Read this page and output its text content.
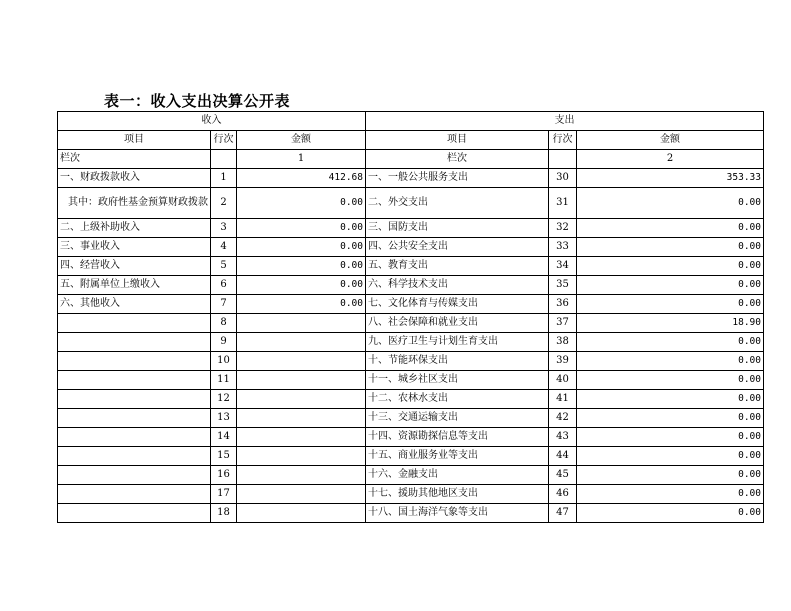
表一：收入支出决算公开表
收入			支出		
项目	行次	金额	项目	行次	金额
栏次		1	栏次		2
一、财政拨款收入	1	412.68	一、一般公共服务支出	30	353.33
其中：政府性基金预算财政拨款	2	0.00	二、外交支出	31	0.00
二、上级补助收入	3	0.00	三、国防支出	32	0.00
三、事业收入	4	0.00	四、公共安全支出	33	0.00
四、经营收入	5	0.00	五、教育支出	34	0.00
五、附属单位上缴收入	6	0.00	六、科学技术支出	35	0.00
六、其他收入	7	0.00	七、文化体育与传媒支出	36	0.00
	8		八、社会保障和就业支出	37	18.90
	9		九、医疗卫生与计划生育支出	38	0.00
	10		十、节能环保支出	39	0.00
	11		十一、城乡社区支出	40	0.00
	12		十二、农林水支出	41	0.00
	13		十三、交通运输支出	42	0.00
	14		十四、资源勘探信息等支出	43	0.00
	15		十五、商业服务业等支出	44	0.00
	16		十六、金融支出	45	0.00
	17		十七、援助其他地区支出	46	0.00
	18		十八、国土海洋气象等支出	47	0.00
